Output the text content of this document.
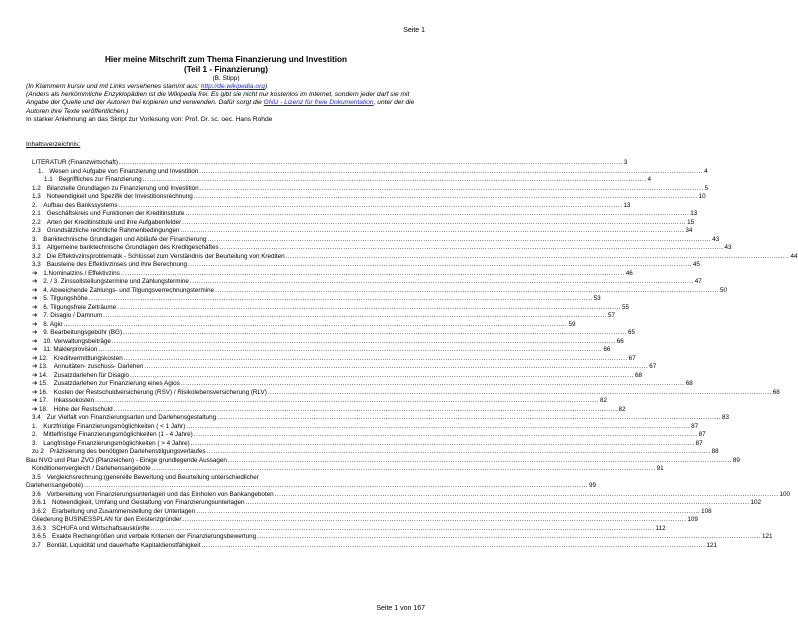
Seite 1
Hier meine Mitschrift zum Thema Finanzierung und Investition
(Teil 1 - Finanzierung)
(B. Stipp)
(In Klammern kursiv und mit Links versehenes stammt aus: http://de.wikipedia.org)
(Anders als herkömmliche Enzyklopädien ist die Wikipedia frei. Es gibt sie nicht nur kostenlos im Internet, sondern jeder darf sie mit Angabe der Quelle und der Autoren frei kopieren und verwenden. Dafür sorgt die GNU - Lizenz für freie Dokumentation, unter der die Autoren ihre Texte veröffentlichen.)
In starker Anlehnung an das Skript zur Vorlesung von: Prof. Dr. sc. oec. Hans Rohde
Inhaltsverzeichnis:
LITERATUR (Finanzwirtschaft) .....	3
1. Wesen und Aufgabe von Finanzierung und Investition .....	4
1.1 Begriffliches zur Finanzierung .....	4
1.2 Bilanzielle Grundlagen zu Finanzierung und Investition .....	5
1.3 Notwendigkeit und Spezifik der Investitionsrechnung .....	10
2. Aufbau des Bankssystems .....	13
2.1 Geschäftskreis und Funktionen der Kreditinstitute .....	13
2.2 Arten der Kreditinstitute und ihre Aufgabenfelder .....	15
2.3 Grundsätzliche rechtliche Rahmenbedingungen .....	34
3. Banktechnische Grundlagen und Abläufe der Finanzierung .....	43
3.1 Allgemeine banktechnische Grundlagen des Kreditgeschäftes .....	43
3.2 Die Effektivzinsproblematik - Schlüssel zum Verständnis der Beurteilung von Krediten .....	44
3.3 Bausteine des Effektivzinses und ihre Berechnung .....	45
➔ 1.Nominalzins / Effektivzins .....	46
➔ 2. / 3. Zinssollstellungstermine und Zahlungstermine .....	47
➔ 4. Abweichende Zahlungs- und Tilgungsverrechnungstermine .....	50
➔ 5. Tilgungshöhe .....	53
➔ 6. Tilgungsfreie Zeiträume .....	55
➔ 7. Disagio / Damnum .....	57
➔ 8. Agio .....	59
➔ 9. Bearbeitungsgebühr (BG) .....	65
➔ 10. Verwaltungsbeiträge .....	66
➔ 11. Maklerprovision .....	66
➔ 12. Kreditvermittlungskosten .....	67
➔ 13. Annuitäten- zuschuss- Darlehen .....	67
➔ 14. Zusatzdarlehen für Disagio .....	68
➔ 15. Zusatzdarlehen zur Finanzierung eines Agios .....	68
➔ 16. Kosten der Restschuldversicherung (RSV) / Risikolebensversicherung (RLV) .....	68
➔ 17. Inkassokosten .....	82
➔ 18. Höhe der Restschuld .....	82
3.4 Zur Vielfalt von Finanzierungsarten und Darlehensgestaltung .....	83
1. Kurzfristige Finanzierungsmöglichkeiten ( < 1 Jahr) .....	87
2. Mittelfristige Finanzierungsmöglichkeiten (1 - 4 Jahre) .....	87
3. Langfristige Finanzierungsmöglichkeiten ( > 4 Jahre) .....	87
zu 2 Präzisierung des benötigten Darlehenstilgungsverlaufes .....	88
Bau NVO und Plan ZVO (Planzeichen) - Einige grundlegende Aussagen .....	89
Konditionenvergleich / Darlehensangebote .....	91
3.5 Vergleichsrechnung:(generelle Bewertung und Beurteilung unterschiedlicher
Darlehensangebote) .....	99
3.6 Vorbereitung von Finanzierungsunterlagen und das Einholen von Bankangeboten .....	100
3.6.1 Notwendigkeit, Umfang und Gestaltung von Finanzierungsunterlagen .....	102
3.6.2 Erarbeitung und Zusammenstellung der Unterlagen .....	108
Gliederung BUSINESSPLAN für den Existenzgründer .....	109
3.6.3 SCHUFA und Wirtschaftsauskünfte .....	112
3.6.5 Exakte Rechengrößen und verbale Kriterien der Finanzierungsbewertung .....	121
3.7 Bonität, Liquidität und dauerhafte Kapitaldienstfähigkeit .....	121
Seite 1 von 167
